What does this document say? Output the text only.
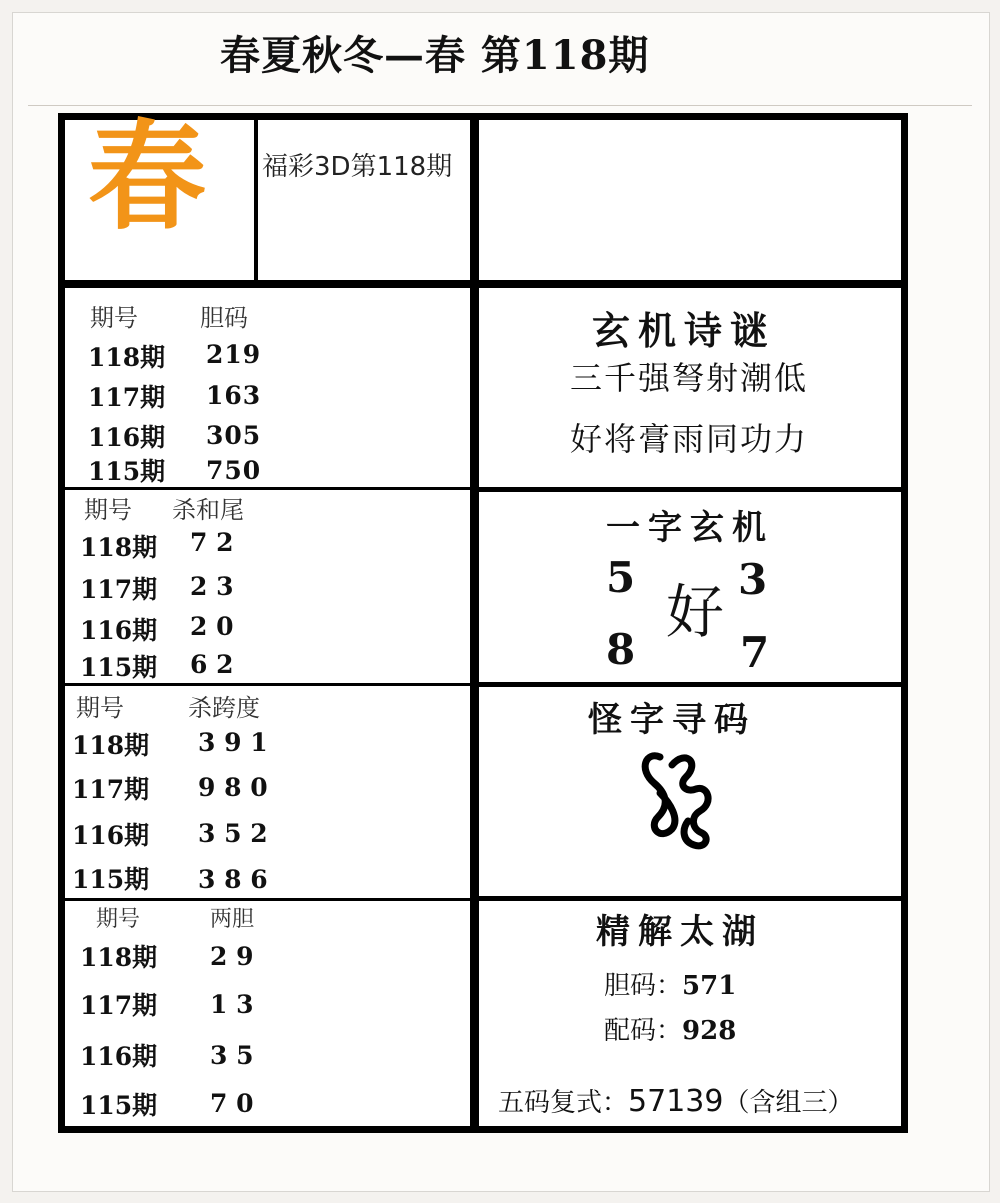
春夏秋冬—春 第118期
春 福彩3D第118期
期号	胆码
118期 219
117期 163
116期 305
115期 750
期号 杀和尾
118期 7 2
117期 2 3
116期 2 0
115期 6 2
期号	杀跨度
118期 3 9 1
117期 9 8 0
116期 3 5 2
115期 3 8 6
期号	两胆
118期 2 9
117期 1 3
116期 3 5
115期 7 0
玄机诗谜
三千强弩射潮低
好将膏雨同功力
一字玄机
5 3
好
8 7
怪字寻码
精解太湖
胆码：571
配码：928
五码复式：57139（含组三）
